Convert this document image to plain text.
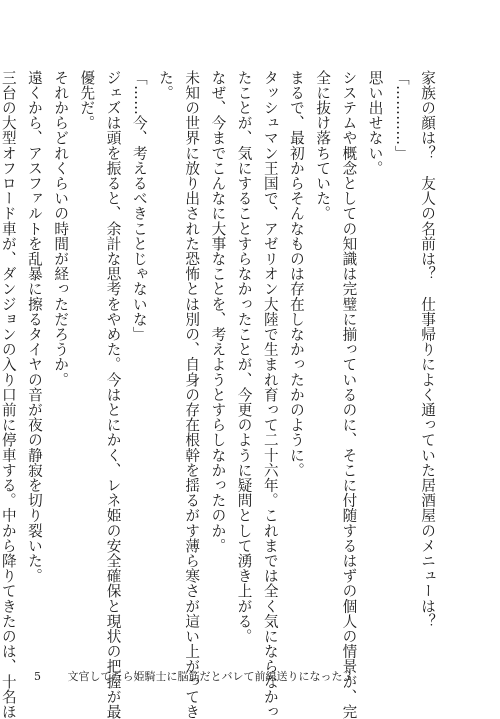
家族の顔は？　友人の名前は？　仕事帰りによく通っていた居酒屋のメニューは？

「…………」

思い出せない。

システムや概念としての知識は完璧に揃っているのに、そこに付随するはずの個人の情景が、完

全に抜け落ちていた。

まるで、最初からそんなものは存在しなかったかのように。

タッシュマン王国で、アゼリオン大陸で生まれ育って二十六年。これまでは全く気にならなかっ

たことが、気にすることすらなかったことが、今更のように疑問として湧き上がる。

なぜ、今までこんなに大事なことを、考えようとすらしなかったのか。

未知の世界に放り出された恐怖とは別の、自身の存在根幹を揺るがす薄ら寒さが這い上がってき

た。

「……今、考えるべきことじゃないな」

ジェズは頭を振ると、余計な思考をやめた。今はとにかく、レネ姫の安全確保と現状の把握が最

優先だ。

それからどれくらいの時間が経っただろうか。

遠くから、アスファルトを乱暴に擦るタイヤの音が夜の静寂を切り裂いた。

三台の大型オフロード車が、ダンジョンの入り口前に停車する。中から降りてきたのは、十名ほ	5 文官してたら姫騎士に脳筋だとバレて前線送りになった３
